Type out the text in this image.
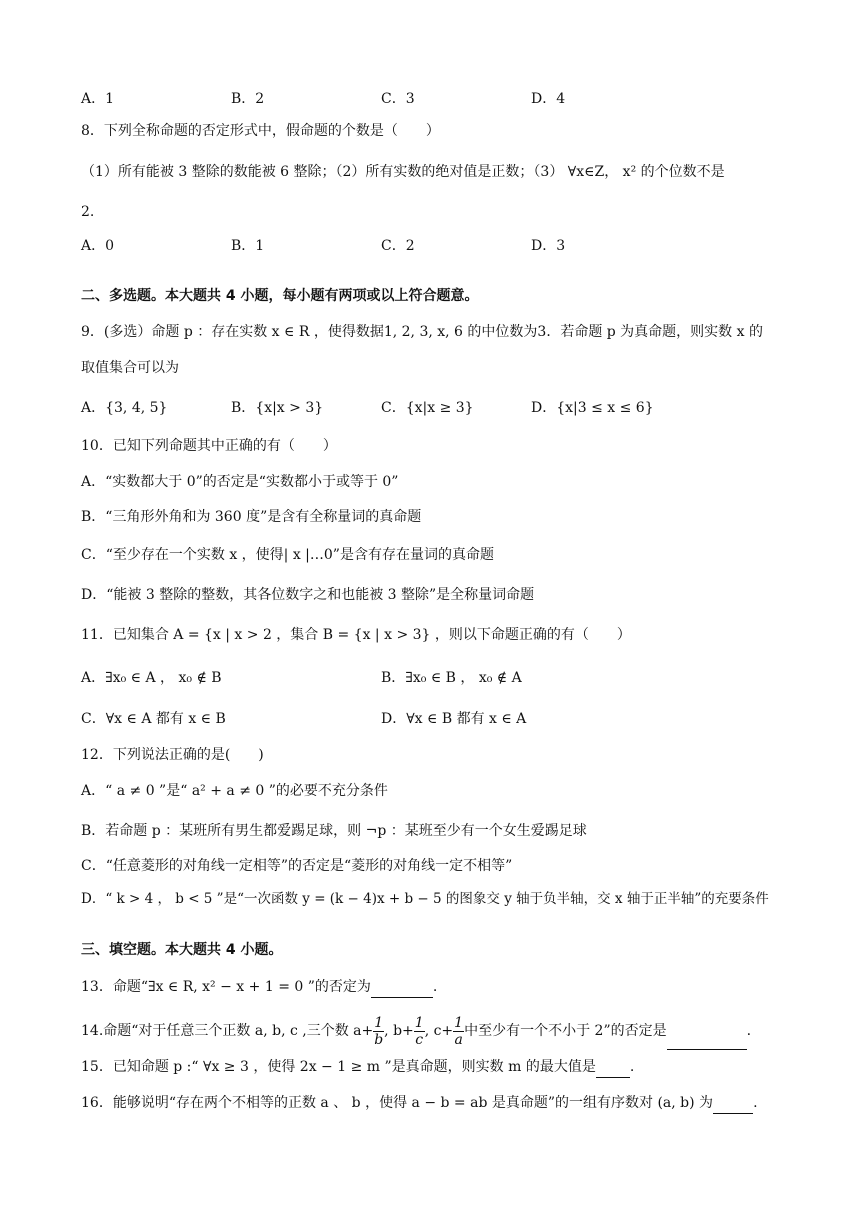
A．1	B．2	C．3	D．4
8．下列全称命题的否定形式中，假命题的个数是（　　）
（1）所有能被 3 整除的数能被 6 整除；（2）所有实数的绝对值是正数；（3） ∀x∈Z， x² 的个位数不是
2.
A．0	B．1	C．2	D．3
二、多选题。本大题共 4 小题，每小题有两项或以上符合题意。
9．(多选）命题 p ：存在实数 x ∈ R ，使得数据1, 2, 3, x, 6 的中位数为3．若命题 p 为真命题，则实数 x 的
取值集合可以为
A．{3, 4, 5}	B．{x|x > 3}	C．{x|x ≥ 3}	D．{x|3 ≤ x ≤ 6}
10．已知下列命题其中正确的有（　　）
A．“实数都大于 0”的否定是“实数都小于或等于 0”
B．“三角形外角和为 360 度”是含有全称量词的真命题
C．“至少存在一个实数 x ，使得| x |…0”是含有存在量词的真命题
D．“能被 3 整除的整数，其各位数字之和也能被 3 整除”是全称量词命题
11．已知集合 A = {x | x > 2 ，集合 B = {x | x > 3} ，则以下命题正确的有（　　）
A．∃x₀ ∈ A ， x₀ ∉ B	B．∃x₀ ∈ B ， x₀ ∉ A
C．∀x ∈ A 都有 x ∈ B	D．∀x ∈ B 都有 x ∈ A
12．下列说法正确的是(　　)
A．“ a ≠ 0 ”是“ a² + a ≠ 0 ”的必要不充分条件
B．若命题 p ：某班所有男生都爱踢足球，则 ¬p ：某班至少有一个女生爱踢足球
C．“任意菱形的对角线一定相等”的否定是“菱形的对角线一定不相等”
D．“ k > 4 ， b < 5 ”是“一次函数 y = (k − 4)x + b − 5 的图象交 y 轴于负半轴，交 x 轴于正半轴”的充要条件
三、填空题。本大题共 4 小题。
13．命题“∃x ∈ R, x² − x + 1 = 0 ”的否定为	.
14.命题“对于任意三个正数 a, b, c ,三个数 $a+ \frac{1}{b}$ , $b+ \frac{1}{c}$ , $c+ \frac{1}{a}$ 中至少有一个不小于 2”的否定是	.
15．已知命题 p :“ ∀x ≥ 3 ，使得 2x − 1 ≥ m ”是真命题，则实数 m 的最大值是 .
16．能够说明“存在两个不相等的正数 a 、 b ，使得 a − b = ab 是真命题”的一组有序数对 (a, b) 为	.
